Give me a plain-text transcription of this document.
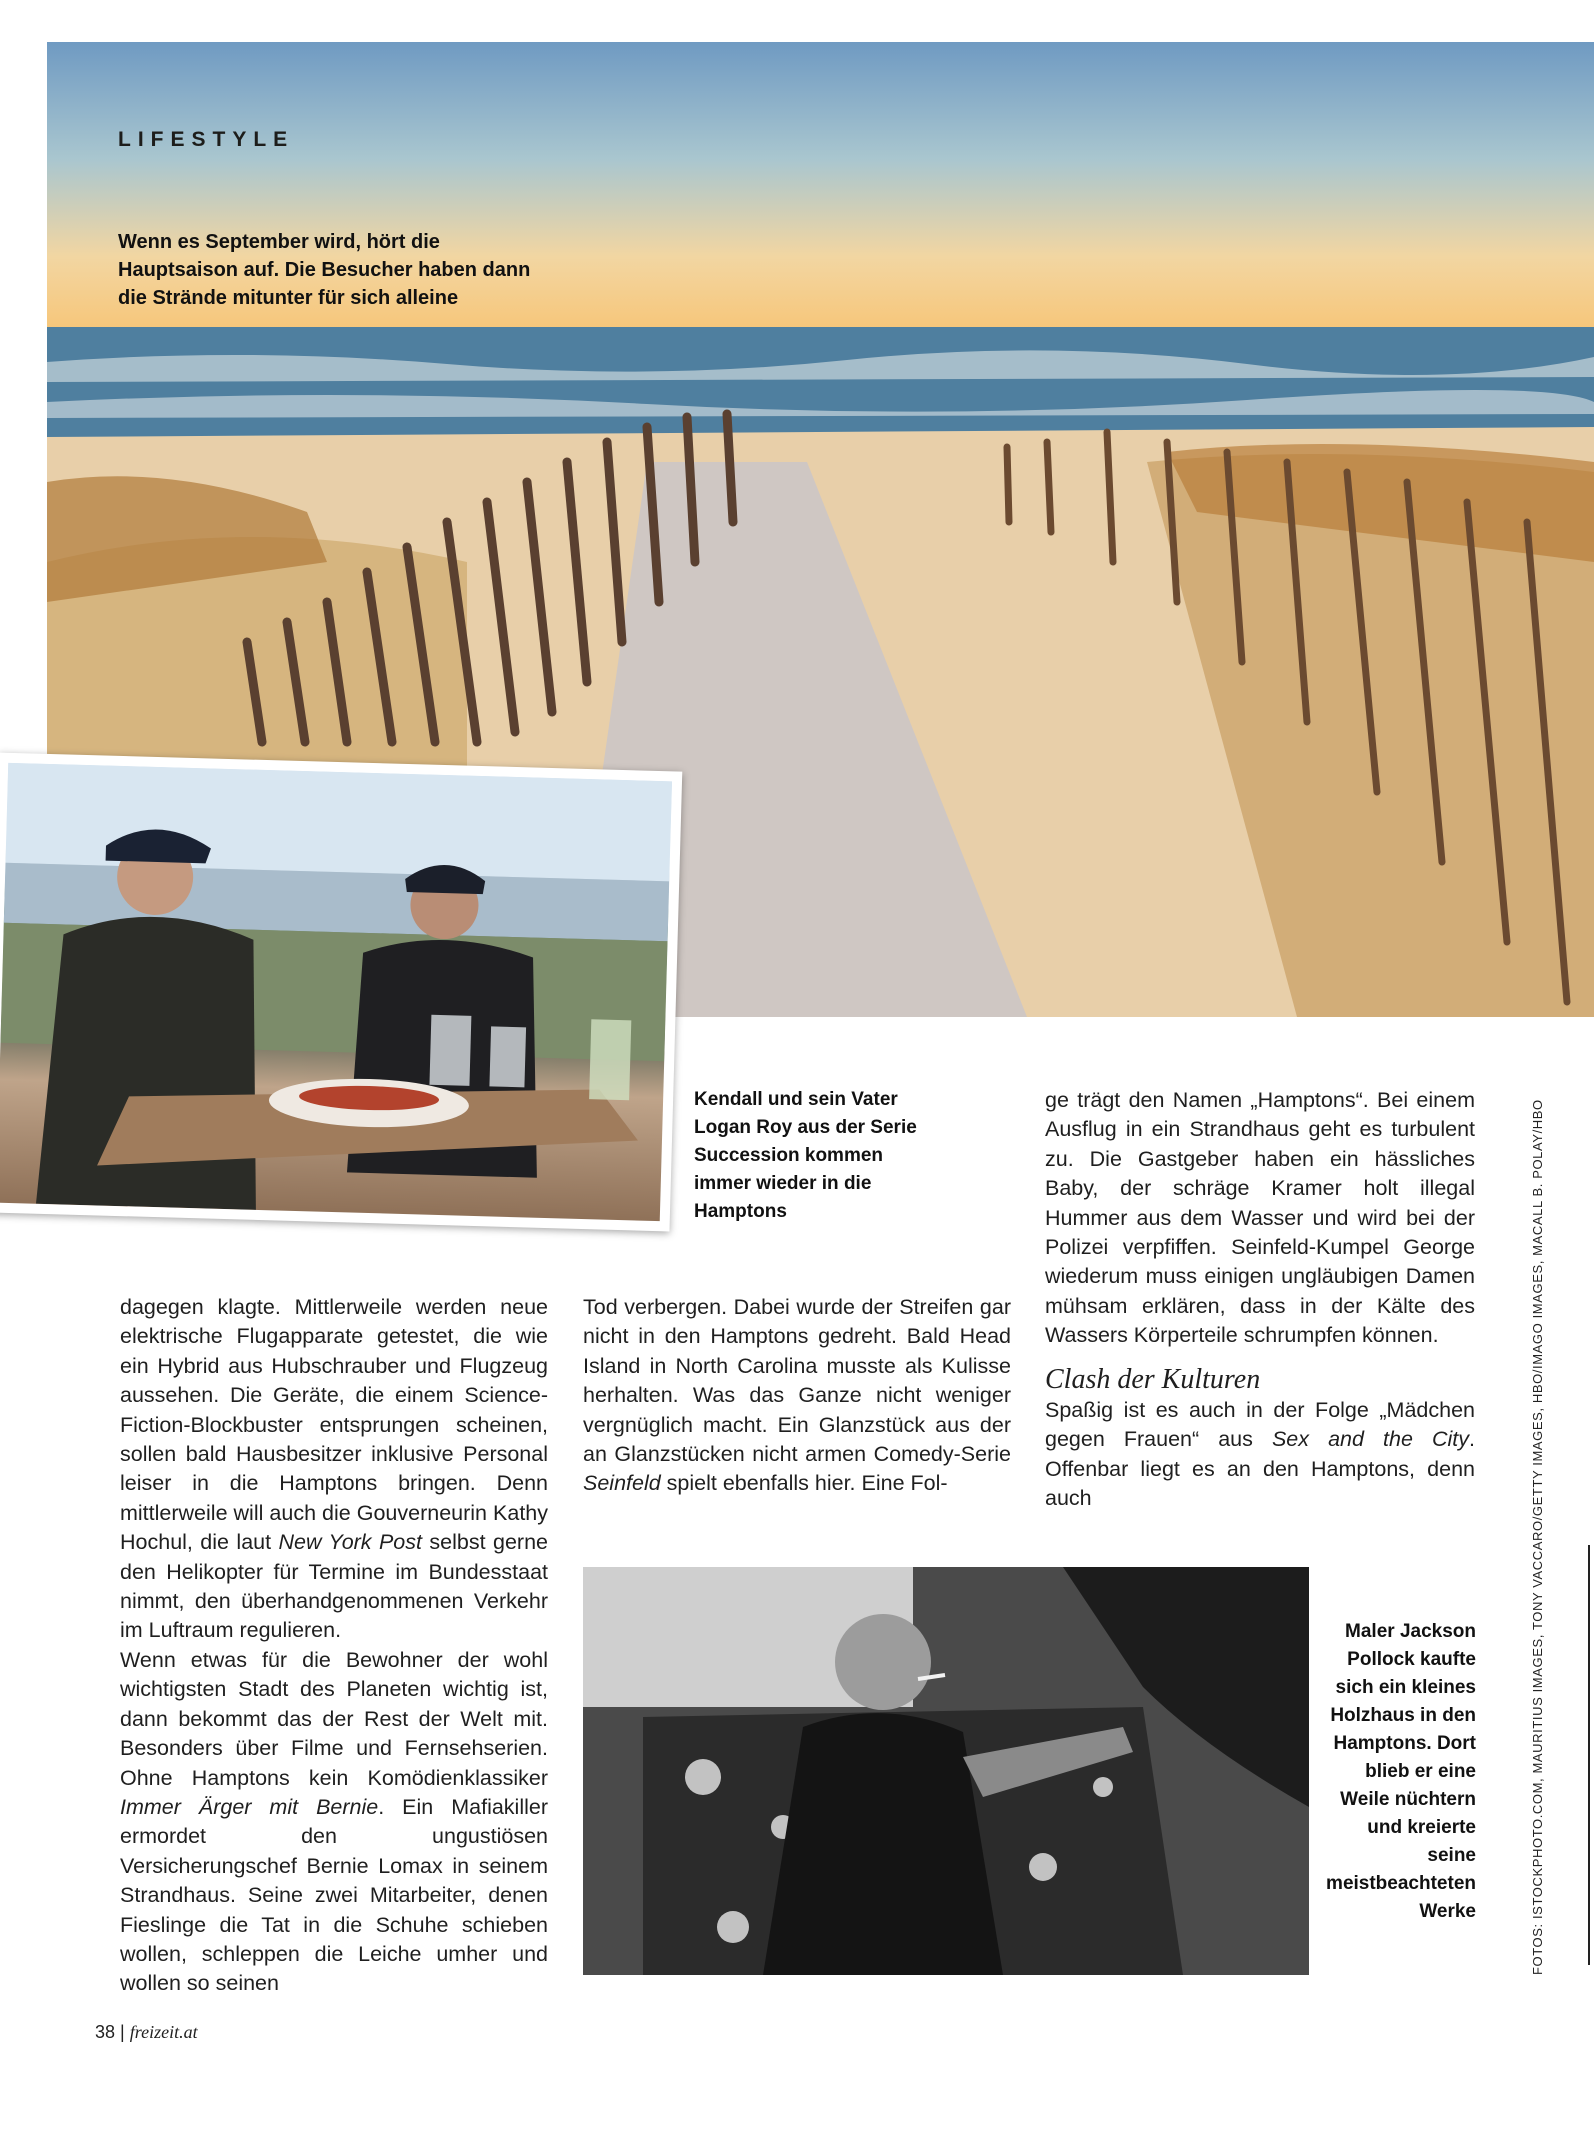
LIFESTYLE
Wenn es September wird, hört die Hauptsaison auf. Die Besucher haben dann die Strände mitunter für sich alleine
Kendall und sein Vater Logan Roy aus der Serie Succession kommen immer wieder in die Hamptons

ge trägt den Namen „Hamptons“. Bei einem Ausflug in ein Strandhaus geht es turbulent zu. Die Gastgeber haben ein hässliches Baby, der schräge Kramer holt illegal Hummer aus dem Wasser und wird bei der Polizei verpfiffen. Seinfeld-Kumpel George wiederum muss einigen ungläubigen Damen mühsam erklären, dass in der Kälte des Wassers Körperteile schrumpfen können.

Clash der Kulturen

Spaßig ist es auch in der Folge „Mädchen gegen Frauen“ aus Sex and the City. Offenbar liegt es an den Hamptons, denn auch

dagegen klagte. Mittlerweile werden neue elektrische Flugapparate getestet, die wie ein Hybrid aus Hubschrauber und Flugzeug aussehen. Die Geräte, die einem Science-Fiction-Blockbuster entsprungen scheinen, sollen bald Hausbesitzer inklusive Personal leiser in die Hamptons bringen. Denn mittlerweile will auch die Gouverneurin Kathy Hochul, die laut New York Post selbst gerne den Helikopter für Termine im Bundesstaat nimmt, den überhandgenommenen Verkehr im Luftraum regulieren.

Wenn etwas für die Bewohner der wohl wichtigsten Stadt des Planeten wichtig ist, dann bekommt das der Rest der Welt mit. Besonders über Filme und Fernsehserien. Ohne Hamptons kein Komödienklassiker Immer Ärger mit Bernie. Ein Mafiakiller ermordet den ungustiösen Versicherungschef Bernie Lomax in seinem Strandhaus. Seine zwei Mitarbeiter, denen Fieslinge die Tat in die Schuhe schieben wollen, schleppen die Leiche umher und wollen so seinen

Tod verbergen. Dabei wurde der Streifen gar nicht in den Hamptons gedreht. Bald Head Island in North Carolina musste als Kulisse herhalten. Was das Ganze nicht weniger vergnüglich macht. Ein Glanzstück aus der an Glanzstücken nicht armen Comedy-Serie Seinfeld spielt ebenfalls hier. Eine Fol-

Maler Jackson Pollock kaufte sich ein kleines Holzhaus in den Hamptons. Dort blieb er eine Weile nüchtern und kreierte seine meistbeachteten Werke	FOTOS: ISTOCKPHOTO.COM, MAURITIUS IMAGES, TONY VACCARO/GETTY IMAGES, HBO/IMAGO IMAGES, MACALL B. POLAY/HBO
38 | freizeit.at
